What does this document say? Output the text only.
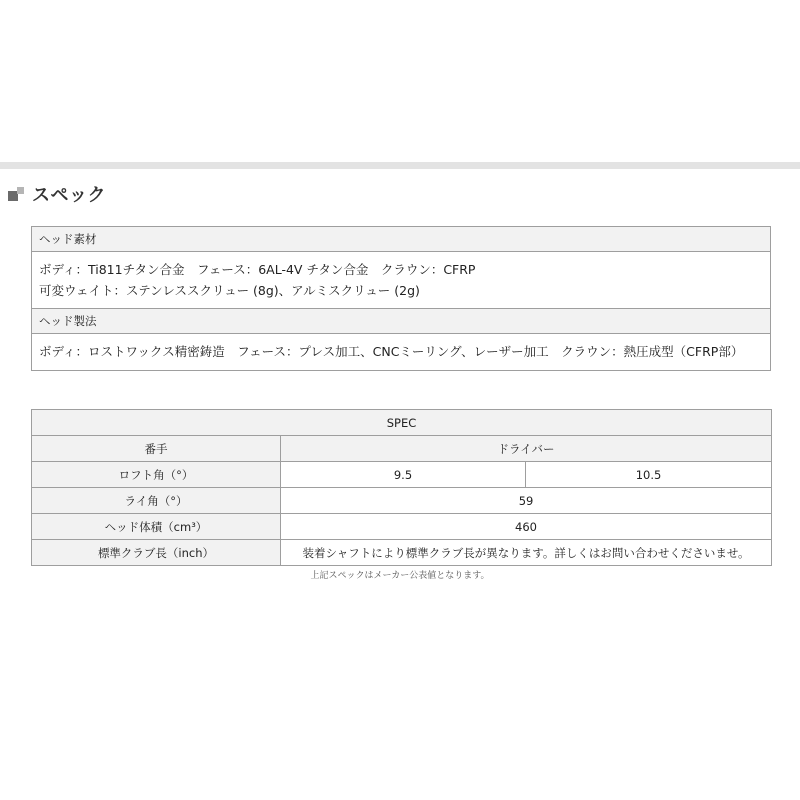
スペック
ヘッド素材

ボディ：Ti811チタン合金　フェース：6AL-4V チタン合金　クラウン：CFRP
可変ウェイト：ステンレススクリュー (8g)、アルミスクリュー (2g)

ヘッド製法

ボディ：ロストワックス精密鋳造　フェース：プレス加工、CNCミーリング、レーザー加工　クラウン：熱圧成型（CFRP部）
SPEC		
番手	ドライバー	
ロフト角（°）	9.5	10.5
ライ角（°）	59	
ヘッド体積（cm³）	460	
標準クラブ長（inch）	装着シャフトにより標準クラブ長が異なります。詳しくはお問い合わせくださいませ。	
上記スペックはメーカー公表値となります。
